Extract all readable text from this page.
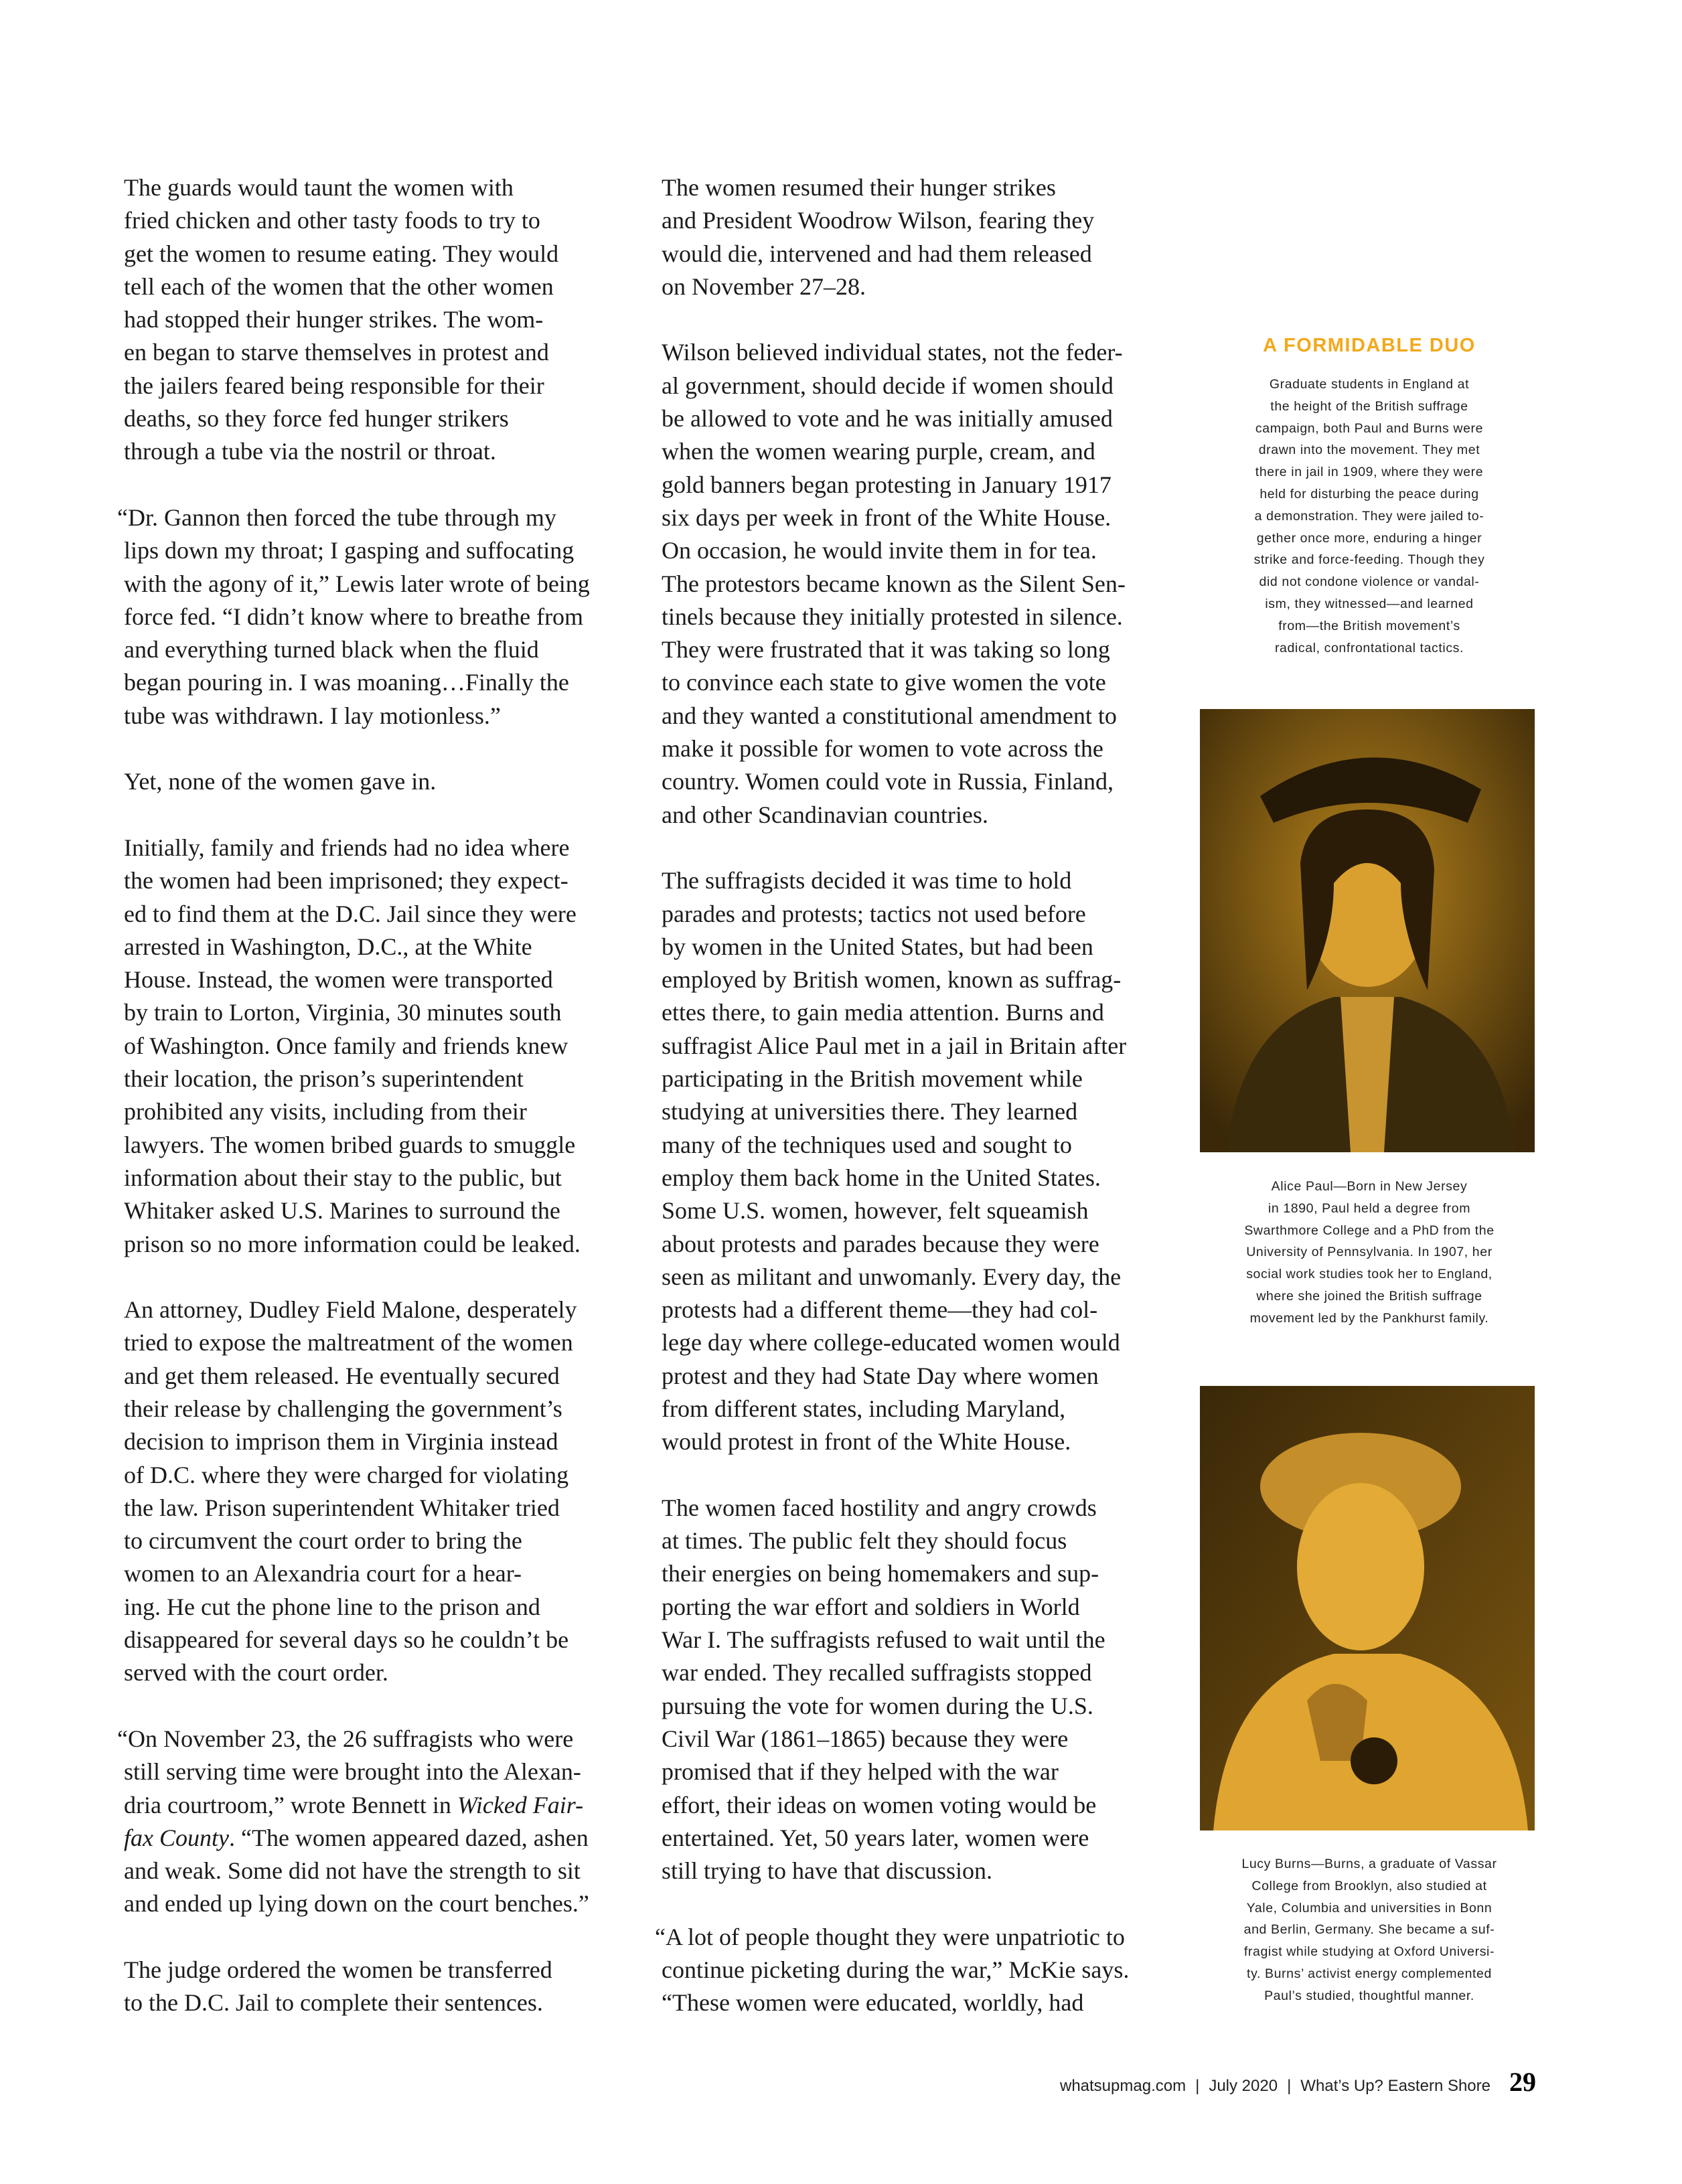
The guards would taunt the women with
fried chicken and other tasty foods to try to
get the women to resume eating. They would
tell each of the women that the other women
had stopped their hunger strikes. The wom-
en began to starve themselves in protest and
the jailers feared being responsible for their
deaths, so they force fed hunger strikers
through a tube via the nostril or throat.
“Dr. Gannon then forced the tube through my
lips down my throat; I gasping and suffocating
with the agony of it,” Lewis later wrote of being
force fed. “I didn’t know where to breathe from
and everything turned black when the fluid
began pouring in. I was moaning…Finally the
tube was withdrawn. I lay motionless.”
Yet, none of the women gave in.
Initially, family and friends had no idea where
the women had been imprisoned; they expect-
ed to find them at the D.C. Jail since they were
arrested in Washington, D.C., at the White
House. Instead, the women were transported
by train to Lorton, Virginia, 30 minutes south
of Washington. Once family and friends knew
their location, the prison’s superintendent
prohibited any visits, including from their
lawyers. The women bribed guards to smuggle
information about their stay to the public, but
Whitaker asked U.S. Marines to surround the
prison so no more information could be leaked.
An attorney, Dudley Field Malone, desperately
tried to expose the maltreatment of the women
and get them released. He eventually secured
their release by challenging the government’s
decision to imprison them in Virginia instead
of D.C. where they were charged for violating
the law. Prison superintendent Whitaker tried
to circumvent the court order to bring the
women to an Alexandria court for a hear-
ing. He cut the phone line to the prison and
disappeared for several days so he couldn’t be
served with the court order.
“On November 23, the 26 suffragists who were
still serving time were brought into the Alexan-
dria courtroom,” wrote Bennett in Wicked Fair-
fax County. “The women appeared dazed, ashen
and weak. Some did not have the strength to sit
and ended up lying down on the court benches.”
The judge ordered the women be transferred
to the D.C. Jail to complete their sentences.
The women resumed their hunger strikes
and President Woodrow Wilson, fearing they
would die, intervened and had them released
on November 27–28.
Wilson believed individual states, not the feder-
al government, should decide if women should
be allowed to vote and he was initially amused
when the women wearing purple, cream, and
gold banners began protesting in January 1917
six days per week in front of the White House.
On occasion, he would invite them in for tea.
The protestors became known as the Silent Sen-
tinels because they initially protested in silence.
They were frustrated that it was taking so long
to convince each state to give women the vote
and they wanted a constitutional amendment to
make it possible for women to vote across the
country. Women could vote in Russia, Finland,
and other Scandinavian countries.
The suffragists decided it was time to hold
parades and protests; tactics not used before
by women in the United States, but had been
employed by British women, known as suffrag-
ettes there, to gain media attention. Burns and
suffragist Alice Paul met in a jail in Britain after
participating in the British movement while
studying at universities there. They learned
many of the techniques used and sought to
employ them back home in the United States.
Some U.S. women, however, felt squeamish
about protests and parades because they were
seen as militant and unwomanly. Every day, the
protests had a different theme—they had col-
lege day where college-educated women would
protest and they had State Day where women
from different states, including Maryland,
would protest in front of the White House.
The women faced hostility and angry crowds
at times. The public felt they should focus
their energies on being homemakers and sup-
porting the war effort and soldiers in World
War I. The suffragists refused to wait until the
war ended. They recalled suffragists stopped
pursuing the vote for women during the U.S.
Civil War (1861–1865) because they were
promised that if they helped with the war
effort, their ideas on women voting would be
entertained. Yet, 50 years later, women were
still trying to have that discussion.
“A lot of people thought they were unpatriotic to
continue picketing during the war,” McKie says.
“These women were educated, worldly, had
A FORMIDABLE DUO
Graduate students in England at
the height of the British suffrage
campaign, both Paul and Burns were
drawn into the movement. They met
there in jail in 1909, where they were
held for disturbing the peace during
a demonstration. They were jailed to-
gether once more, enduring a hinger
strike and force-feeding. Though they
did not condone violence or vandal-
ism, they witnessed—and learned
from—the British movement’s
radical, confrontational tactics.
Alice Paul—Born in New Jersey
in 1890, Paul held a degree from
Swarthmore College and a PhD from the
University of Pennsylvania. In 1907, her
social work studies took her to England,
where she joined the British suffrage
movement led by the Pankhurst family.
Lucy Burns—Burns, a graduate of Vassar
College from Brooklyn, also studied at
Yale, Columbia and universities in Bonn
and Berlin, Germany. She became a suf-
fragist while studying at Oxford Universi-
ty. Burns’ activist energy complemented
Paul’s studied, thoughtful manner.
whatsupmag.com | July 2020 | What’s Up? Eastern Shore 29
